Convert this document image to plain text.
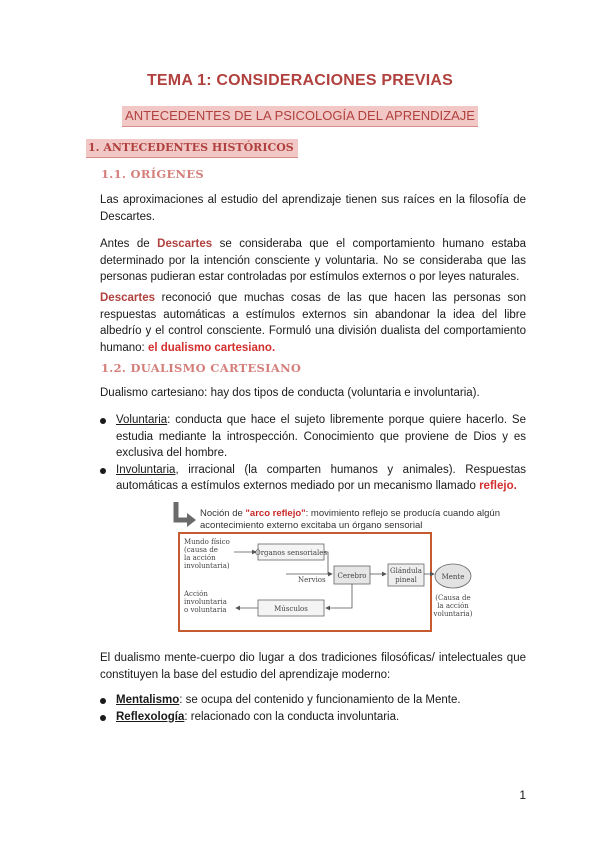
TEMA 1: CONSIDERACIONES PREVIAS
ANTECEDENTES DE LA PSICOLOGÍA DEL APRENDIZAJE
1. ANTECEDENTES HISTÓRICOS
1.1. ORÍGENES
Las aproximaciones al estudio del aprendizaje tienen sus raíces en la filosofía de Descartes.
Antes de Descartes se consideraba que el comportamiento humano estaba determinado por la intención consciente y voluntaria. No se consideraba que las personas pudieran estar controladas por estímulos externos o por leyes naturales.
Descartes reconoció que muchas cosas de las que hacen las personas son respuestas automáticas a estímulos externos sin abandonar la idea del libre albedrío y el control consciente. Formuló una división dualista del comportamiento humano: el dualismo cartesiano.
1.2. DUALISMO CARTESIANO
Dualismo cartesiano: hay dos tipos de conducta (voluntaria e involuntaria).
Voluntaria: conducta que hace el sujeto libremente porque quiere hacerlo. Se estudia mediante la introspección. Conocimiento que proviene de Dios y es exclusiva del hombre.
Involuntaria, irracional (la comparten humanos y animales). Respuestas automáticas a estímulos externos mediado por un mecanismo llamado reflejo.
Noción de "arco reflejo": movimiento reflejo se producía cuando algún acontecimiento externo excitaba un órgano sensorial
Mundo físico
(causa de
la acción
involuntaria)
Acción
involuntaria
o voluntaria
Órganos sensoriales
Nervios Cerebro
Glándula
pineal	Mente
(Causa de
la acción
voluntaria)
Músculos
El dualismo mente-cuerpo dio lugar a dos tradiciones filosóficas/ intelectuales que constituyen la base del estudio del aprendizaje moderno:
Mentalismo: se ocupa del contenido y funcionamiento de la Mente.
Reflexología: relacionado con la conducta involuntaria.
1
